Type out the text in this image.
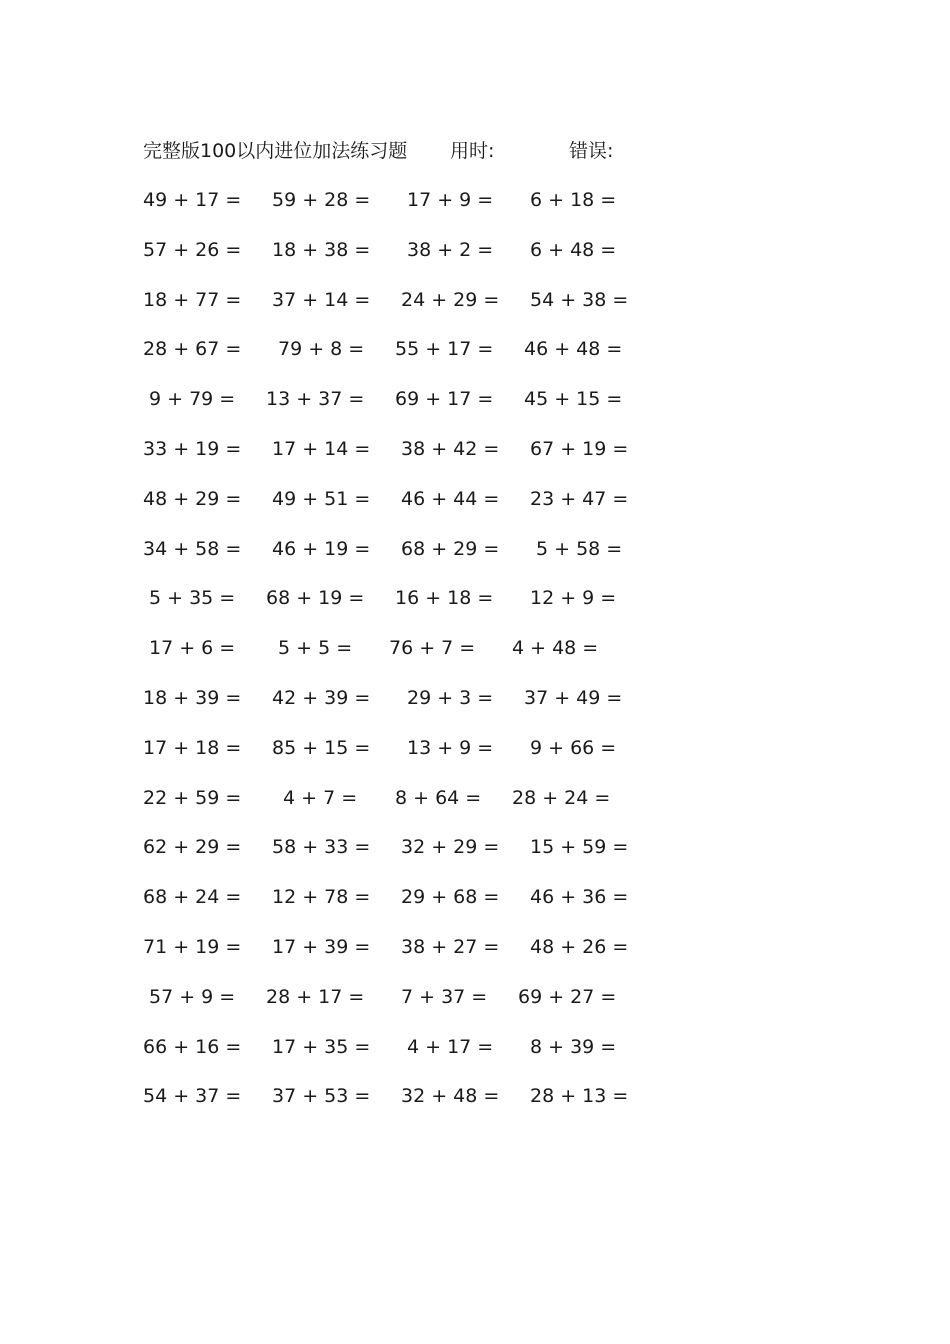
完整版100以内进位加法练习题 用时:	错误:
49 + 17 = 59 + 28 = 17 + 9 = 6 + 18 =
57 + 26 = 18 + 38 = 38 + 2 = 6 + 48 =
18 + 77 = 37 + 14 = 24 + 29 = 54 + 38 =
28 + 67 = 79 + 8 = 55 + 17 = 46 + 48 =
9 + 79 = 13 + 37 = 69 + 17 = 45 + 15 =
33 + 19 = 17 + 14 = 38 + 42 = 67 + 19 =
48 + 29 = 49 + 51 = 46 + 44 = 23 + 47 =
34 + 58 = 46 + 19 = 68 + 29 = 5 + 58 =
5 + 35 = 68 + 19 = 16 + 18 = 12 + 9 =
17 + 6 = 5 + 5 = 76 + 7 = 4 + 48 =
18 + 39 = 42 + 39 = 29 + 3 = 37 + 49 =
17 + 18 = 85 + 15 = 13 + 9 = 9 + 66 =
22 + 59 = 4 + 7 = 8 + 64 = 28 + 24 =
62 + 29 = 58 + 33 = 32 + 29 = 15 + 59 =
68 + 24 = 12 + 78 = 29 + 68 = 46 + 36 =
71 + 19 = 17 + 39 = 38 + 27 = 48 + 26 =
57 + 9 = 28 + 17 = 7 + 37 = 69 + 27 =
66 + 16 = 17 + 35 = 4 + 17 = 8 + 39 =
54 + 37 = 37 + 53 = 32 + 48 = 28 + 13 =
